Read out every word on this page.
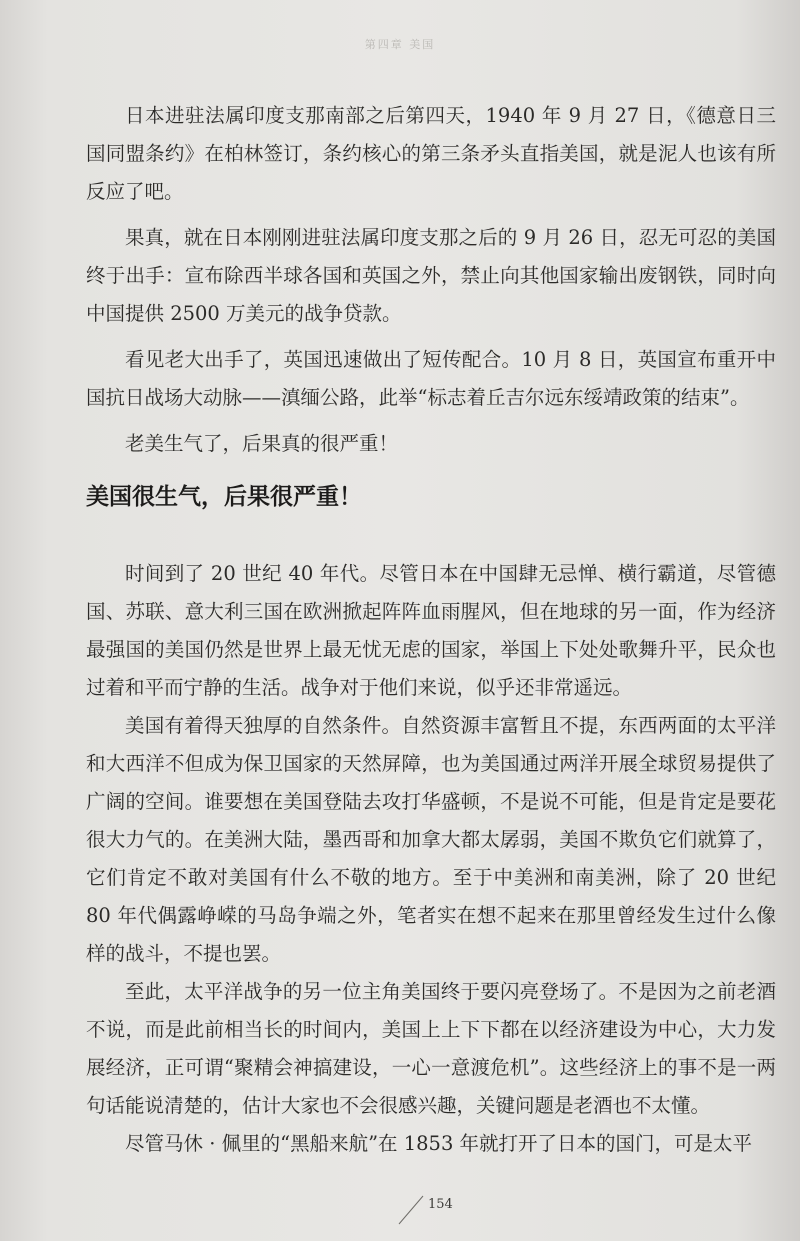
第四章 美国

日本进驻法属印度支那南部之后第四天，1940 年 9 月 27 日，《德意日三国同盟条约》在柏林签订，条约核心的第三条矛头直指美国，就是泥人也该有所反应了吧。

果真，就在日本刚刚进驻法属印度支那之后的 9 月 26 日，忍无可忍的美国终于出手：宣布除西半球各国和英国之外，禁止向其他国家输出废钢铁，同时向中国提供 2500 万美元的战争贷款。

看见老大出手了，英国迅速做出了短传配合。10 月 8 日，英国宣布重开中国抗日战场大动脉——滇缅公路，此举“标志着丘吉尔远东绥靖政策的结束”。

老美生气了，后果真的很严重！

美国很生气，后果很严重！

时间到了 20 世纪 40 年代。尽管日本在中国肆无忌惮、横行霸道，尽管德国、苏联、意大利三国在欧洲掀起阵阵血雨腥风，但在地球的另一面，作为经济最强国的美国仍然是世界上最无忧无虑的国家，举国上下处处歌舞升平，民众也过着和平而宁静的生活。战争对于他们来说，似乎还非常遥远。

美国有着得天独厚的自然条件。自然资源丰富暂且不提，东西两面的太平洋和大西洋不但成为保卫国家的天然屏障，也为美国通过两洋开展全球贸易提供了广阔的空间。谁要想在美国登陆去攻打华盛顿，不是说不可能，但是肯定是要花很大力气的。在美洲大陆，墨西哥和加拿大都太孱弱，美国不欺负它们就算了，它们肯定不敢对美国有什么不敬的地方。至于中美洲和南美洲，除了 20 世纪 80 年代偶露峥嵘的马岛争端之外，笔者实在想不起来在那里曾经发生过什么像样的战斗，不提也罢。

至此，太平洋战争的另一位主角美国终于要闪亮登场了。不是因为之前老酒不说，而是此前相当长的时间内，美国上上下下都在以经济建设为中心，大力发展经济，正可谓“聚精会神搞建设，一心一意渡危机”。这些经济上的事不是一两句话能说清楚的，估计大家也不会很感兴趣，关键问题是老酒也不太懂。

尽管马休 · 佩里的“黑船来航”在 1853 年就打开了日本的国门，可是太平

154
